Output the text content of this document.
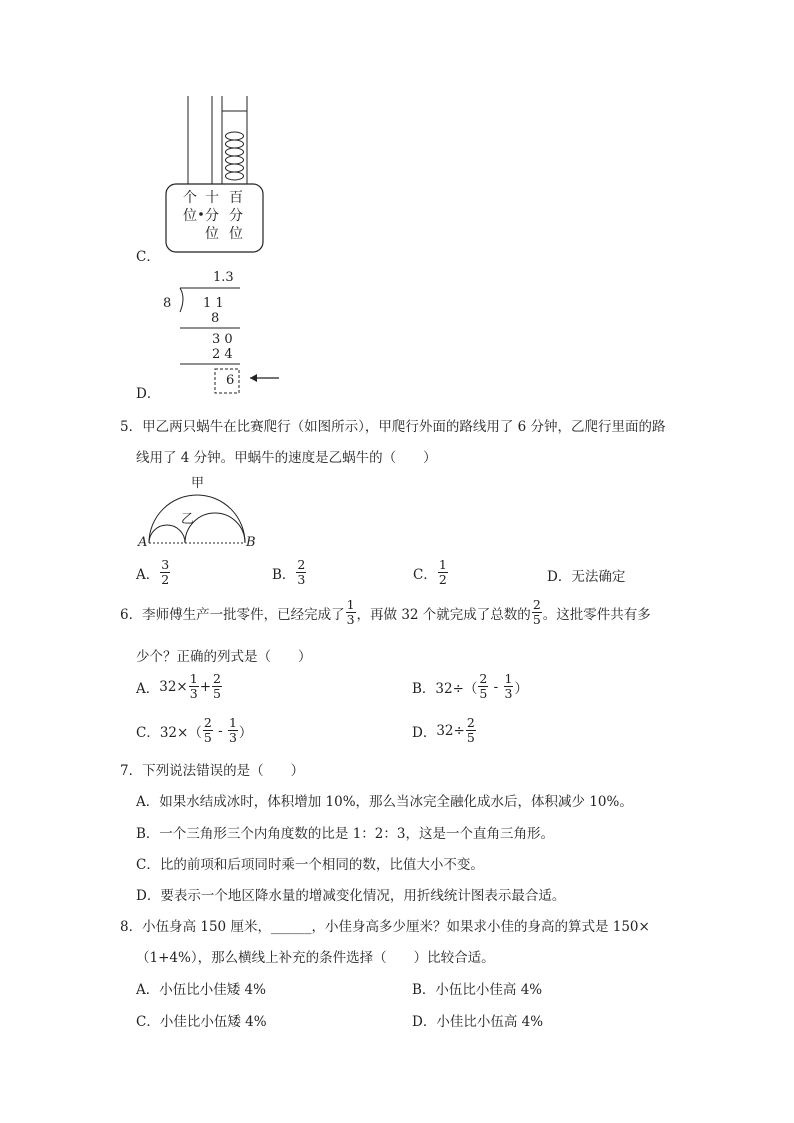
个
位
十
分
位
百
分
位
C．
1.3
8 1 1
8
3 0
2 4
6
D．
5．甲乙两只蜗牛在比赛爬行（如图所示），甲爬行外面的路线用了 6 分钟，乙爬行里面的路
线用了 4 分钟。甲蜗牛的速度是乙蜗牛的（　　）
甲
乙
A	B
A． $\frac{3}{2}$	B． $\frac{2}{3}$	C． $\frac{1}{2}$	D．无法确定
6．李师傅生产一批零件，已经完成了 $\frac{1}{3}$ ，再做 32 个就完成了总数的 $\frac{2}{5}$ 。这批零件共有多
少个？正确的列式是（　　）
A． $32\times \frac{1}{3} + \frac{2}{5}$	B． $32\div( \frac{2}{5} - \frac{1}{3}$ ）
C． $32\times( \frac{2}{5} - \frac{1}{3}$ ）	D． $32\div \frac{2}{5}$
7．下列说法错误的是（　　）
A．如果水结成冰时，体积增加 10%，那么当冰完全融化成水后，体积减少 10%。
B．一个三角形三个内角度数的比是 1：2：3，这是一个直角三角形。
C．比的前项和后项同时乘一个相同的数，比值大小不变。
D．要表示一个地区降水量的增减变化情况，用折线统计图表示最合适。
8．小伍身高 150 厘米，______，小佳身高多少厘米？如果求小佳的身高的算式是 150×
（1+4%），那么横线上补充的条件选择（　　）比较合适。
A．小伍比小佳矮 4%	B．小伍比小佳高 4%
C．小佳比小伍矮 4%	D．小佳比小伍高 4%
